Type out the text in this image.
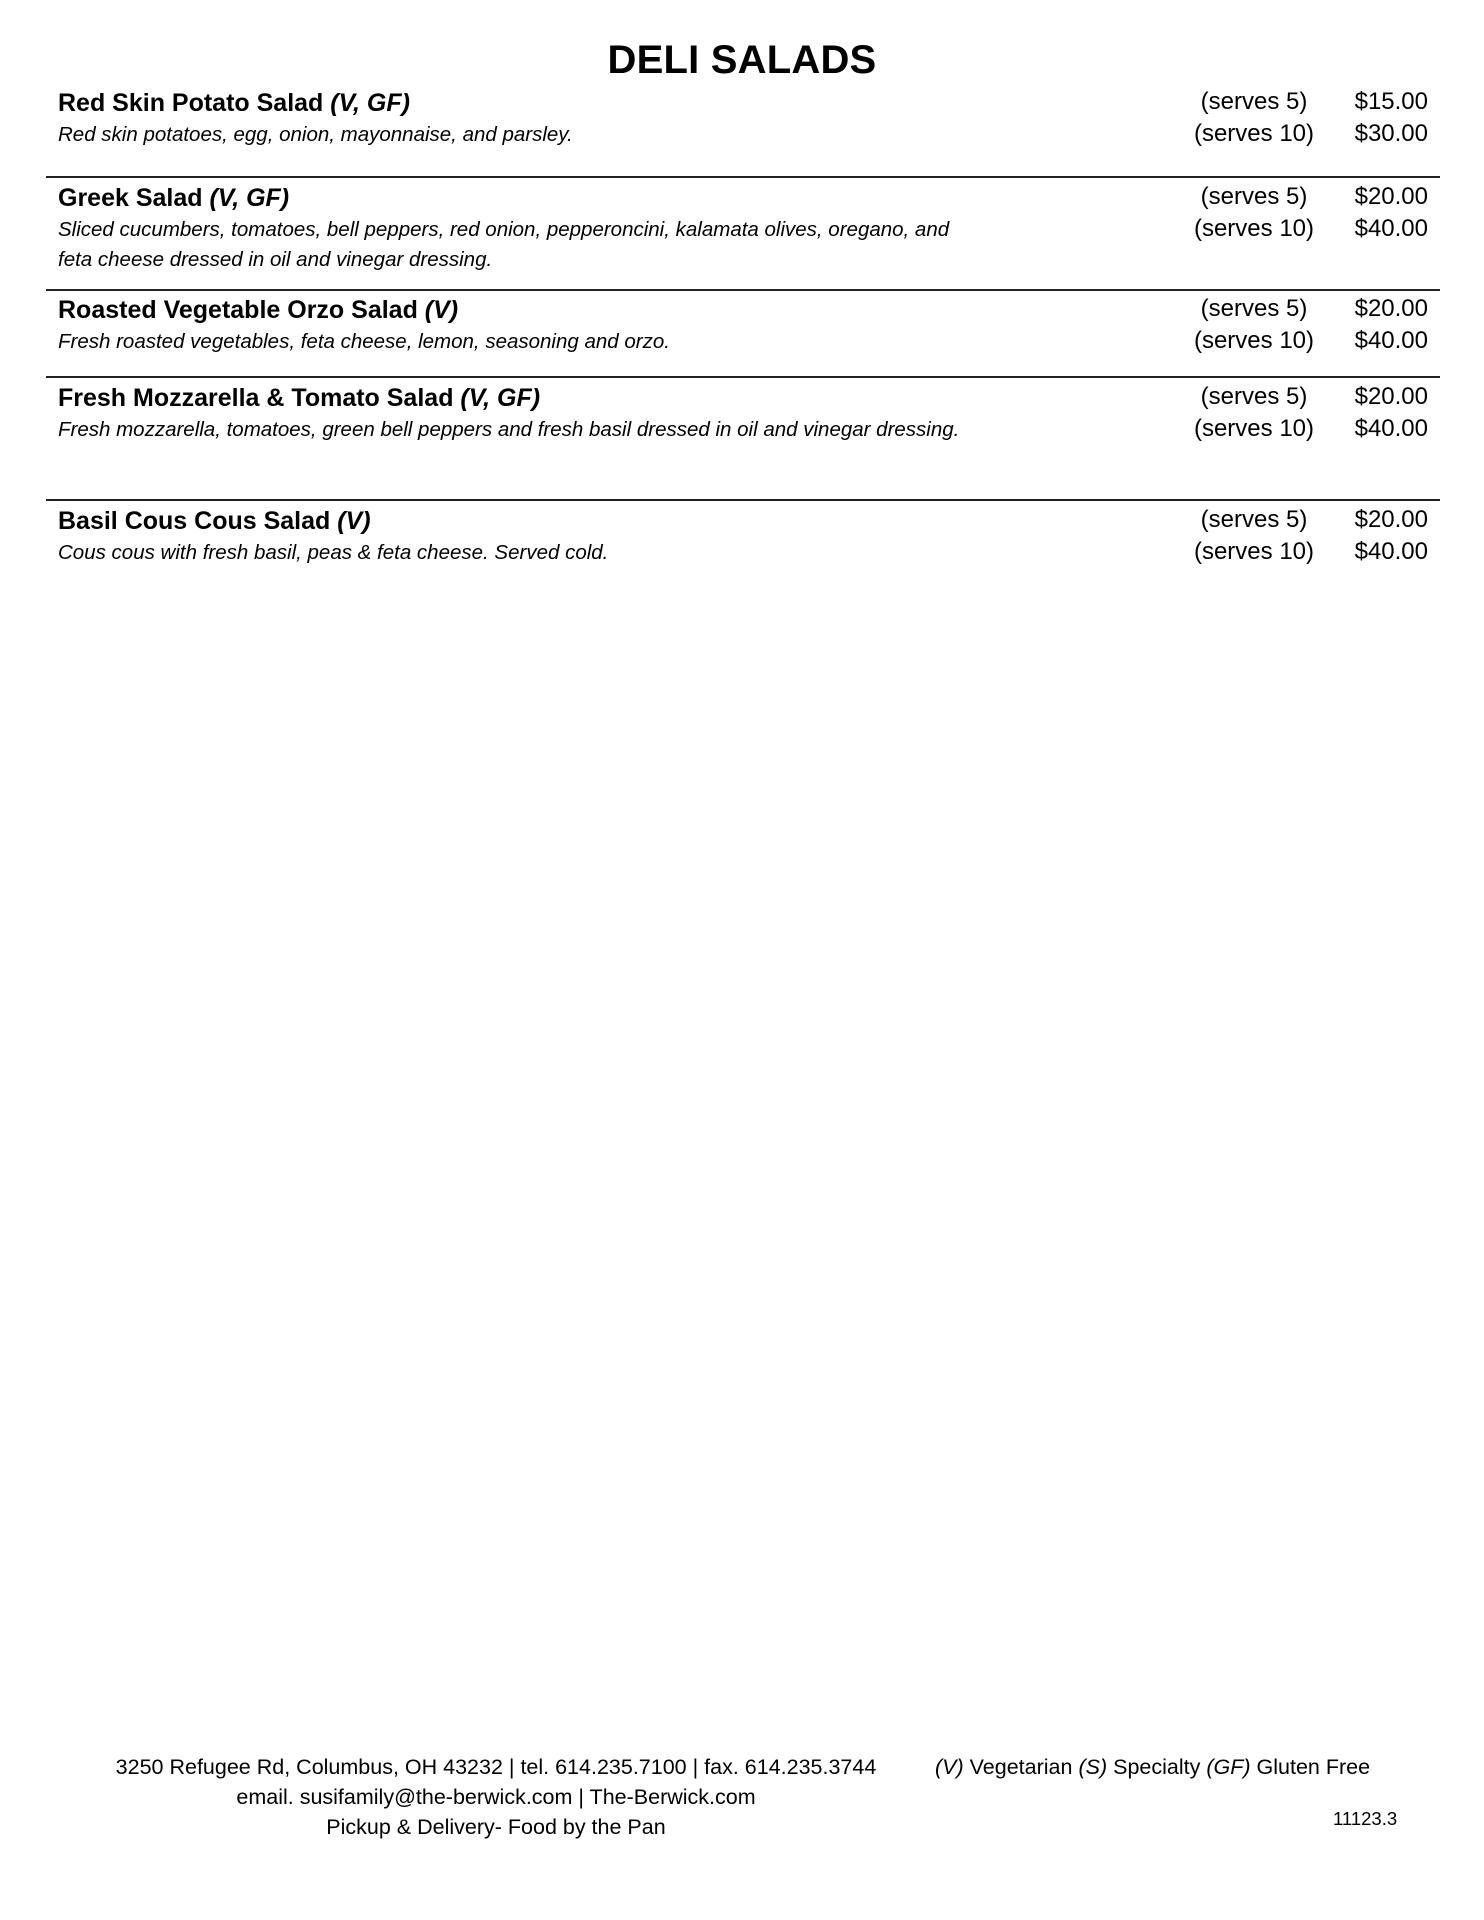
DELI SALADS
Red Skin Potato Salad (V, GF)
Red skin potatoes, egg, onion, mayonnaise, and parsley.
(serves 5)	$15.00
(serves 10)	$30.00
Greek Salad (V, GF)
Sliced cucumbers, tomatoes, bell peppers, red onion, pepperoncini, kalamata olives, oregano, and feta cheese dressed in oil and vinegar dressing.
(serves 5)	$20.00
(serves 10)	$40.00
Roasted Vegetable Orzo Salad (V)
Fresh roasted vegetables, feta cheese, lemon, seasoning and orzo.
(serves 5)	$20.00
(serves 10)	$40.00
Fresh Mozzarella & Tomato Salad (V, GF)
Fresh mozzarella, tomatoes, green bell peppers and fresh basil dressed in oil and vinegar dressing.
(serves 5)	$20.00
(serves 10)	$40.00
Basil Cous Cous Salad (V)
Cous cous with fresh basil, peas & feta cheese. Served cold.
(serves 5)	$20.00
(serves 10)	$40.00
3250 Refugee Rd, Columbus, OH 43232 | tel. 614.235.7100 | fax. 614.235.3744
email. susifamily@the-berwick.com | The-Berwick.com
Pickup & Delivery- Food by the Pan
(V) Vegetarian (S) Specialty (GF) Gluten Free
11123.3
